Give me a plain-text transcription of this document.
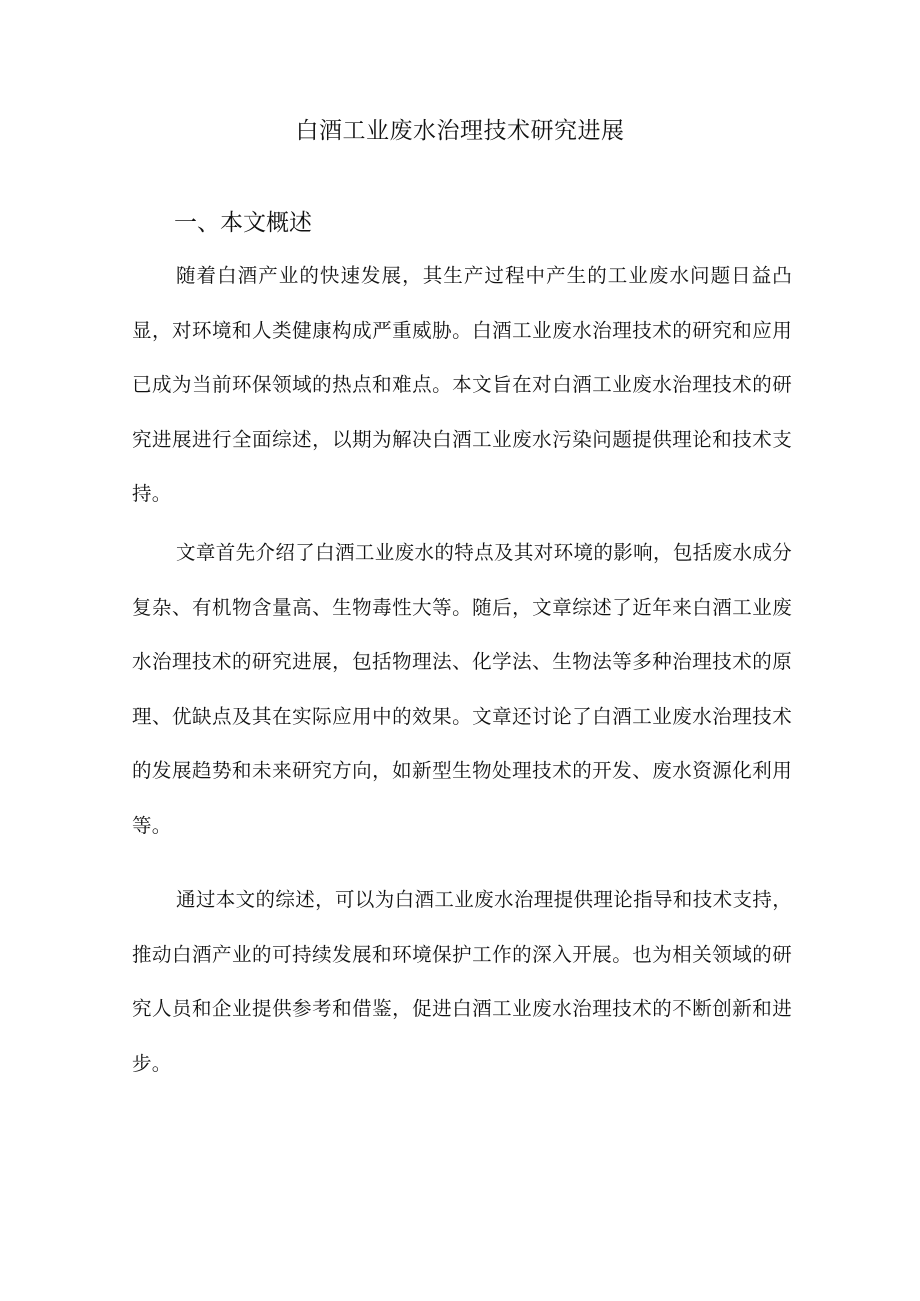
白酒工业废水治理技术研究进展
一、本文概述

随着白酒产业的快速发展，其生产过程中产生的工业废水问题日益凸显，对环境和人类健康构成严重威胁。白酒工业废水治理技术的研究和应用已成为当前环保领域的热点和难点。本文旨在对白酒工业废水治理技术的研究进展进行全面综述，以期为解决白酒工业废水污染问题提供理论和技术支持。

文章首先介绍了白酒工业废水的特点及其对环境的影响，包括废水成分复杂、有机物含量高、生物毒性大等。随后，文章综述了近年来白酒工业废水治理技术的研究进展，包括物理法、化学法、生物法等多种治理技术的原理、优缺点及其在实际应用中的效果。文章还讨论了白酒工业废水治理技术的发展趋势和未来研究方向，如新型生物处理技术的开发、废水资源化利用等。

通过本文的综述，可以为白酒工业废水治理提供理论指导和技术支持，推动白酒产业的可持续发展和环境保护工作的深入开展。也为相关领域的研究人员和企业提供参考和借鉴，促进白酒工业废水治理技术的不断创新和进步。
